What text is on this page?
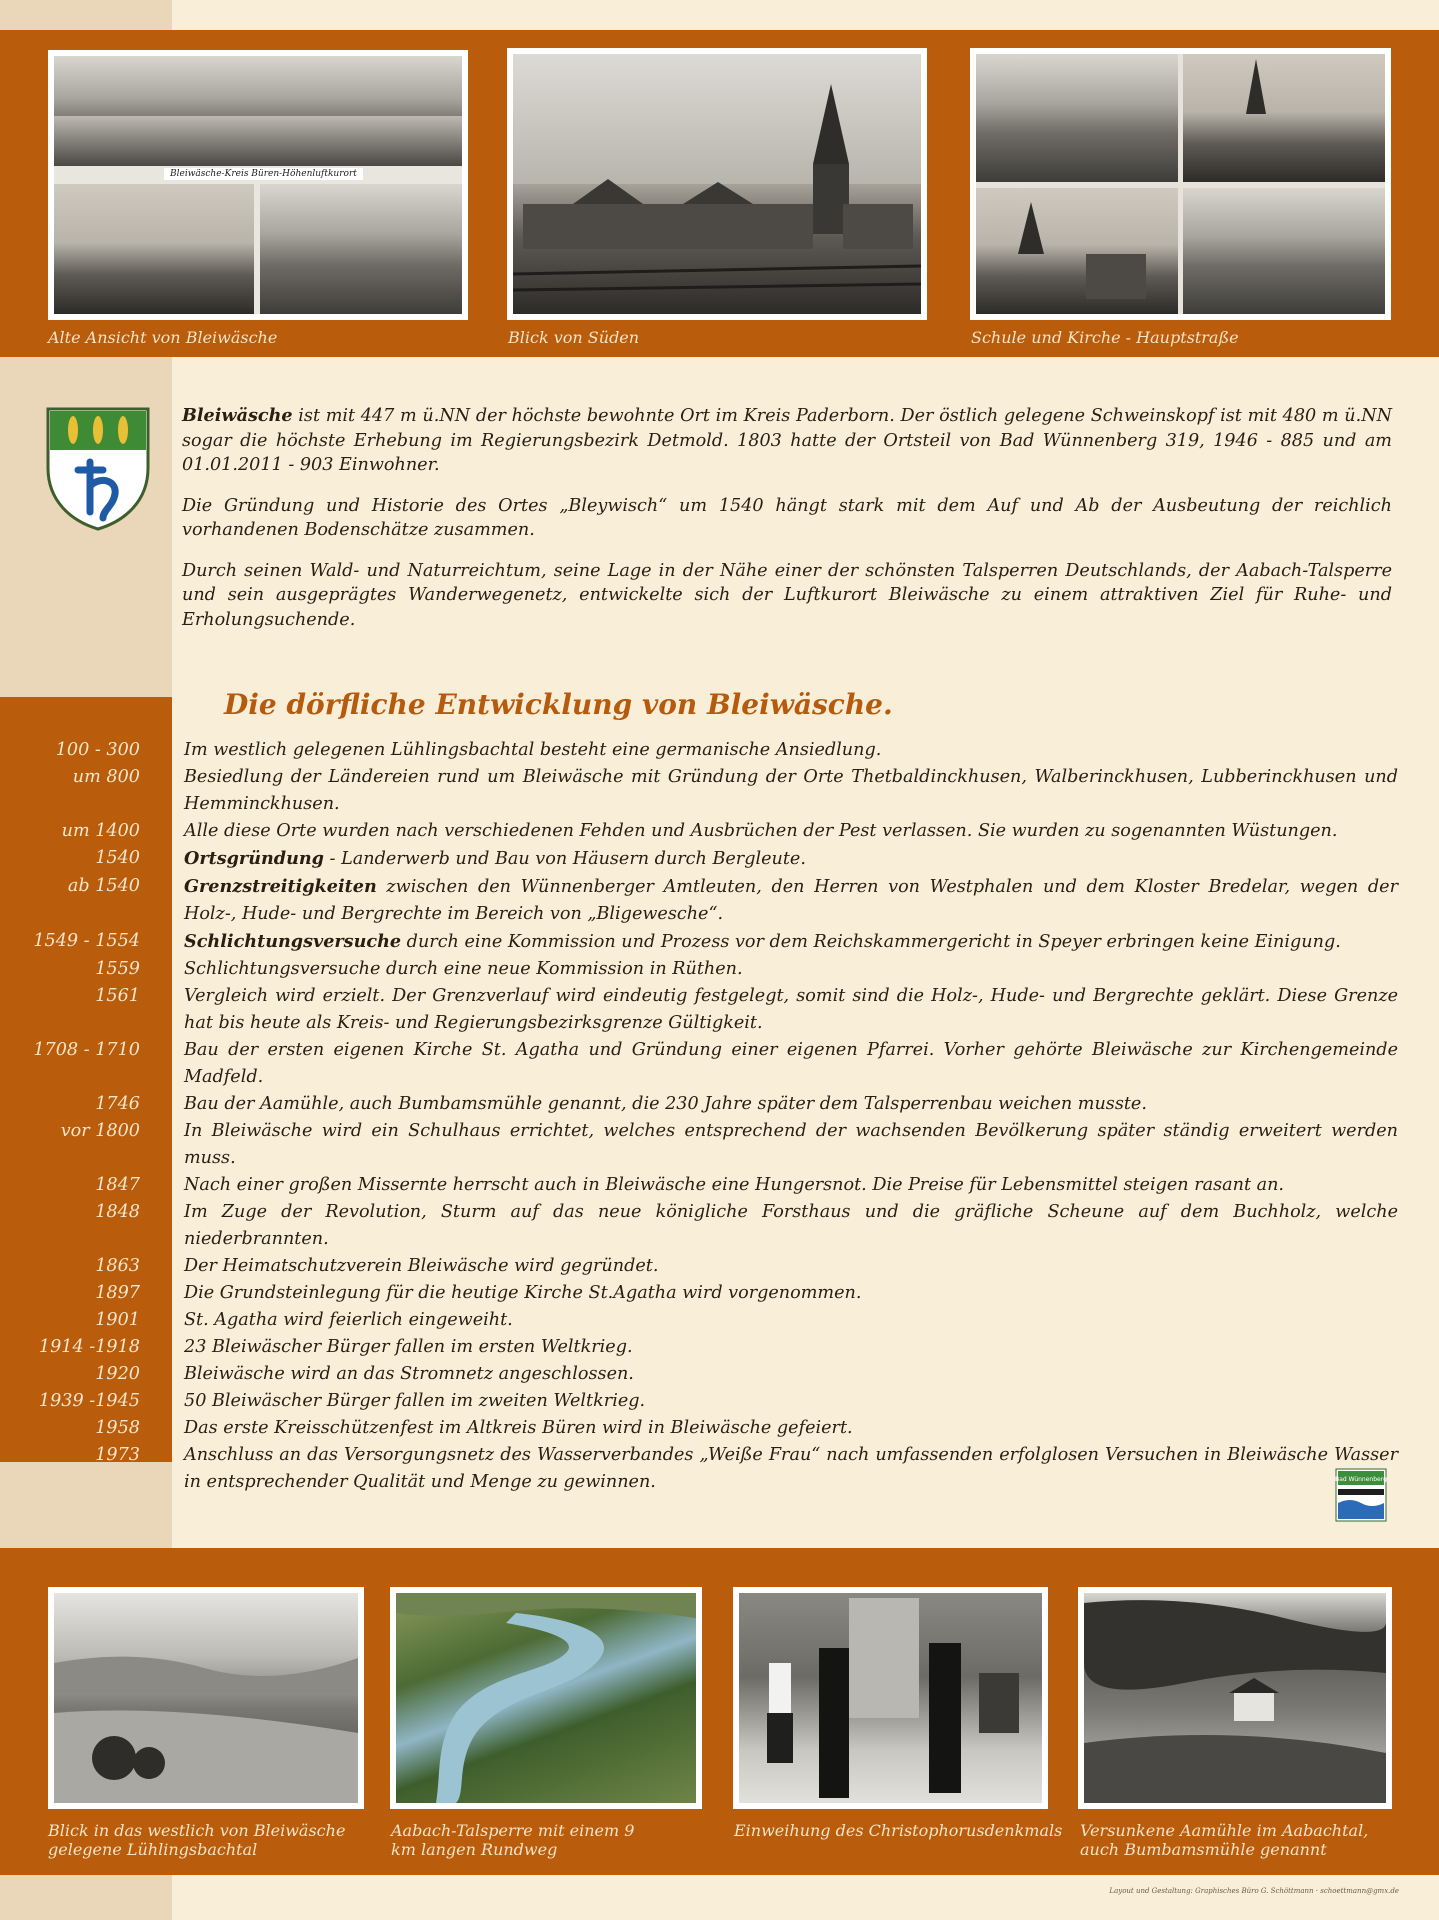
Bleiwäsche-Kreis Büren-Höhenluftkurort
Alte Ansicht von Bleiwäsche	Blick von Süden	Schule und Kirche - Hauptstraße

Bleiwäsche ist mit 447 m ü.NN der höchste bewohnte Ort im Kreis Paderborn. Der östlich gelegene Schweinskopf ist mit 480 m ü.NN sogar die höchste Erhebung im Regierungsbezirk Detmold. 1803 hatte der Ortsteil von Bad Wünnenberg 319, 1946 - 885 und am 01.01.2011 - 903 Einwohner.

Die Gründung und Historie des Ortes „Bleywisch“ um 1540 hängt stark mit dem Auf und Ab der Ausbeutung der reichlich vorhandenen Bodenschätze zusammen.

Durch seinen Wald- und Naturreichtum, seine Lage in der Nähe einer der schönsten Talsperren Deutschlands, der Aabach-Talsperre und sein ausgeprägtes Wanderwegenetz, entwickelte sich der Luftkurort Bleiwäsche zu einem attraktiven Ziel für Ruhe- und Erholungsuchende.

Die dörfliche Entwicklung von Bleiwäsche.
100 - 300	Im westlich gelegenen Lühlingsbachtal besteht eine germanische Ansiedlung.
um 800	Besiedlung der Ländereien rund um Bleiwäsche mit Gründung der Orte Thetbaldinckhusen, Walberinckhusen, Lubberinckhusen und Hemminckhusen.
um 1400	Alle diese Orte wurden nach verschiedenen Fehden und Ausbrüchen der Pest verlassen. Sie wurden zu sogenannten Wüstungen.
1540	Ortsgründung - Landerwerb und Bau von Häusern durch Bergleute.
ab 1540	Grenzstreitigkeiten zwischen den Wünnenberger Amtleuten, den Herren von Westphalen und dem Kloster Bredelar, wegen der Holz-, Hude- und Bergrechte im Bereich von „Bligewesche“.
1549 - 1554	Schlichtungsversuche durch eine Kommission und Prozess vor dem Reichskammergericht in Speyer erbringen keine Einigung.
1559	Schlichtungsversuche durch eine neue Kommission in Rüthen.
1561	Vergleich wird erzielt. Der Grenzverlauf wird eindeutig festgelegt, somit sind die Holz-, Hude- und Bergrechte geklärt. Diese Grenze hat bis heute als Kreis- und Regierungsbezirksgrenze Gültigkeit.
1708 - 1710	Bau der ersten eigenen Kirche St. Agatha und Gründung einer eigenen Pfarrei. Vorher gehörte Bleiwäsche zur Kirchengemeinde Madfeld.
1746	Bau der Aamühle, auch Bumbamsmühle genannt, die 230 Jahre später dem Talsperrenbau weichen musste.
vor 1800	In Bleiwäsche wird ein Schulhaus errichtet, welches entsprechend der wachsenden Bevölkerung später ständig erweitert werden muss.
1847	Nach einer großen Missernte herrscht auch in Bleiwäsche eine Hungersnot. Die Preise für Lebensmittel steigen rasant an.
1848	Im Zuge der Revolution, Sturm auf das neue königliche Forsthaus und die gräfliche Scheune auf dem Buchholz, welche niederbrannten.
1863	Der Heimatschutzverein Bleiwäsche wird gegründet.
1897	Die Grundsteinlegung für die heutige Kirche St.Agatha wird vorgenommen.
1901	St. Agatha wird feierlich eingeweiht.
1914 -1918	23 Bleiwäscher Bürger fallen im ersten Weltkrieg.
1920	Bleiwäsche wird an das Stromnetz angeschlossen.
1939 -1945	50 Bleiwäscher Bürger fallen im zweiten Weltkrieg.
1958	Das erste Kreisschützenfest im Altkreis Büren wird in Bleiwäsche gefeiert.
1973	Anschluss an das Versorgungsnetz des Wasserverbandes „Weiße Frau“ nach umfassenden erfolglosen Versuchen in Bleiwäsche Wasser in entsprechender Qualität und Menge zu gewinnen.	Bad Wünnenberg
Blick in das westlich von Bleiwäsche gelegene Lühlingsbachtal
Aabach-Talsperre mit einem 9 km langen Rundweg
Einweihung des Christophorusdenkmals Versunkene Aamühle im Aabachtal, auch Bumbamsmühle genannt
Layout und Gestaltung: Graphisches Büro G. Schöttmann · schoettmann@gmx.de
